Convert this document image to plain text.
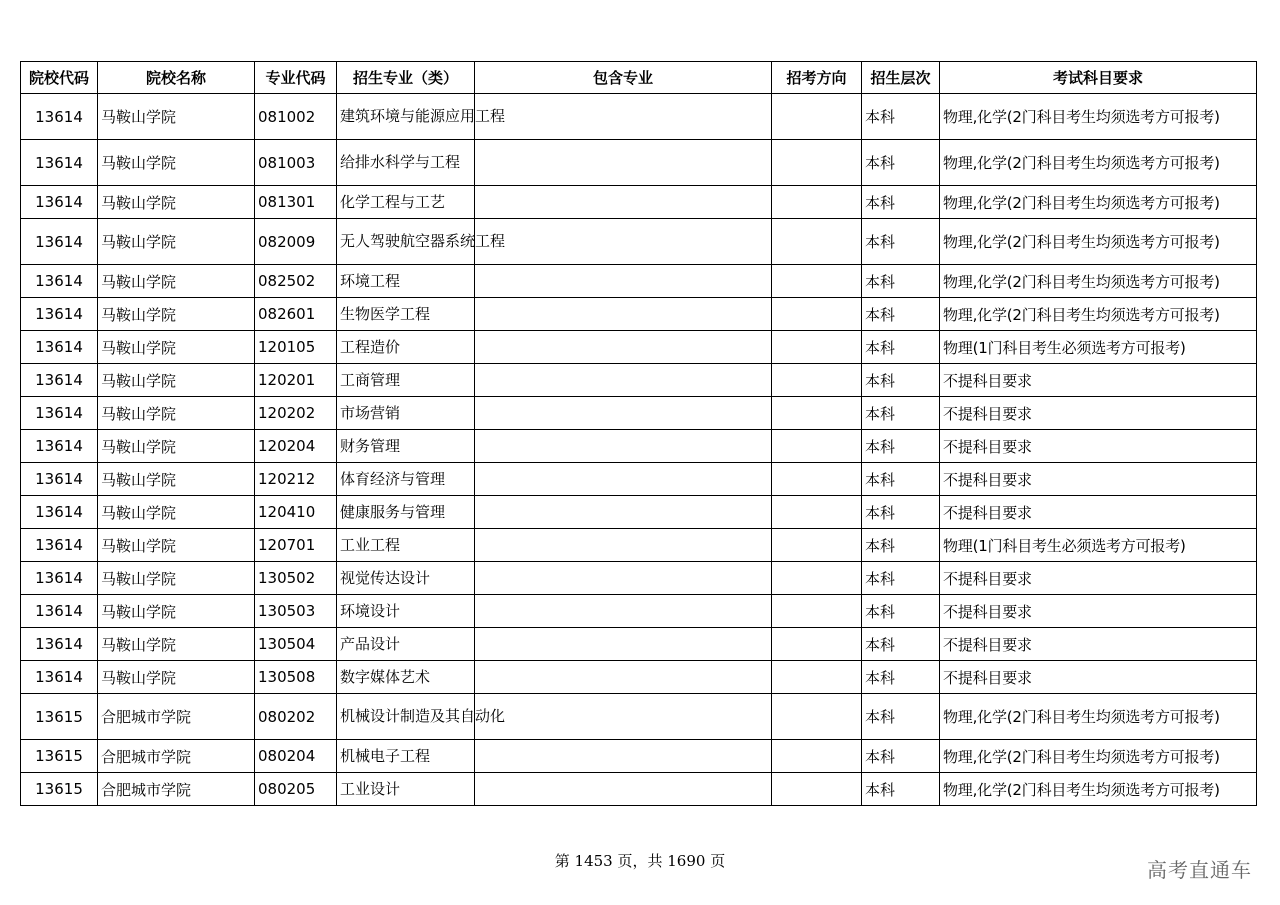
院校代码	院校名称	专业代码	招生专业（类）	包含专业	招考方向	招生层次	考试科目要求
13614	马鞍山学院	081002	建筑环境与能源应用工程			本科	物理,化学(2门科目考生均须选考方可报考)
13614	马鞍山学院	081003	给排水科学与工程			本科	物理,化学(2门科目考生均须选考方可报考)
13614	马鞍山学院	081301	化学工程与工艺			本科	物理,化学(2门科目考生均须选考方可报考)
13614	马鞍山学院	082009	无人驾驶航空器系统工程			本科	物理,化学(2门科目考生均须选考方可报考)
13614	马鞍山学院	082502	环境工程			本科	物理,化学(2门科目考生均须选考方可报考)
13614	马鞍山学院	082601	生物医学工程			本科	物理,化学(2门科目考生均须选考方可报考)
13614	马鞍山学院	120105	工程造价			本科	物理(1门科目考生必须选考方可报考)
13614	马鞍山学院	120201	工商管理			本科	不提科目要求
13614	马鞍山学院	120202	市场营销			本科	不提科目要求
13614	马鞍山学院	120204	财务管理			本科	不提科目要求
13614	马鞍山学院	120212	体育经济与管理			本科	不提科目要求
13614	马鞍山学院	120410	健康服务与管理			本科	不提科目要求
13614	马鞍山学院	120701	工业工程			本科	物理(1门科目考生必须选考方可报考)
13614	马鞍山学院	130502	视觉传达设计			本科	不提科目要求
13614	马鞍山学院	130503	环境设计			本科	不提科目要求
13614	马鞍山学院	130504	产品设计			本科	不提科目要求
13614	马鞍山学院	130508	数字媒体艺术			本科	不提科目要求
13615	合肥城市学院	080202	机械设计制造及其自动化			本科	物理,化学(2门科目考生均须选考方可报考)
13615	合肥城市学院	080204	机械电子工程			本科	物理,化学(2门科目考生均须选考方可报考)
13615	合肥城市学院	080205	工业设计			本科	物理,化学(2门科目考生均须选考方可报考)
第 1453 页，共 1690 页	高考直通车
